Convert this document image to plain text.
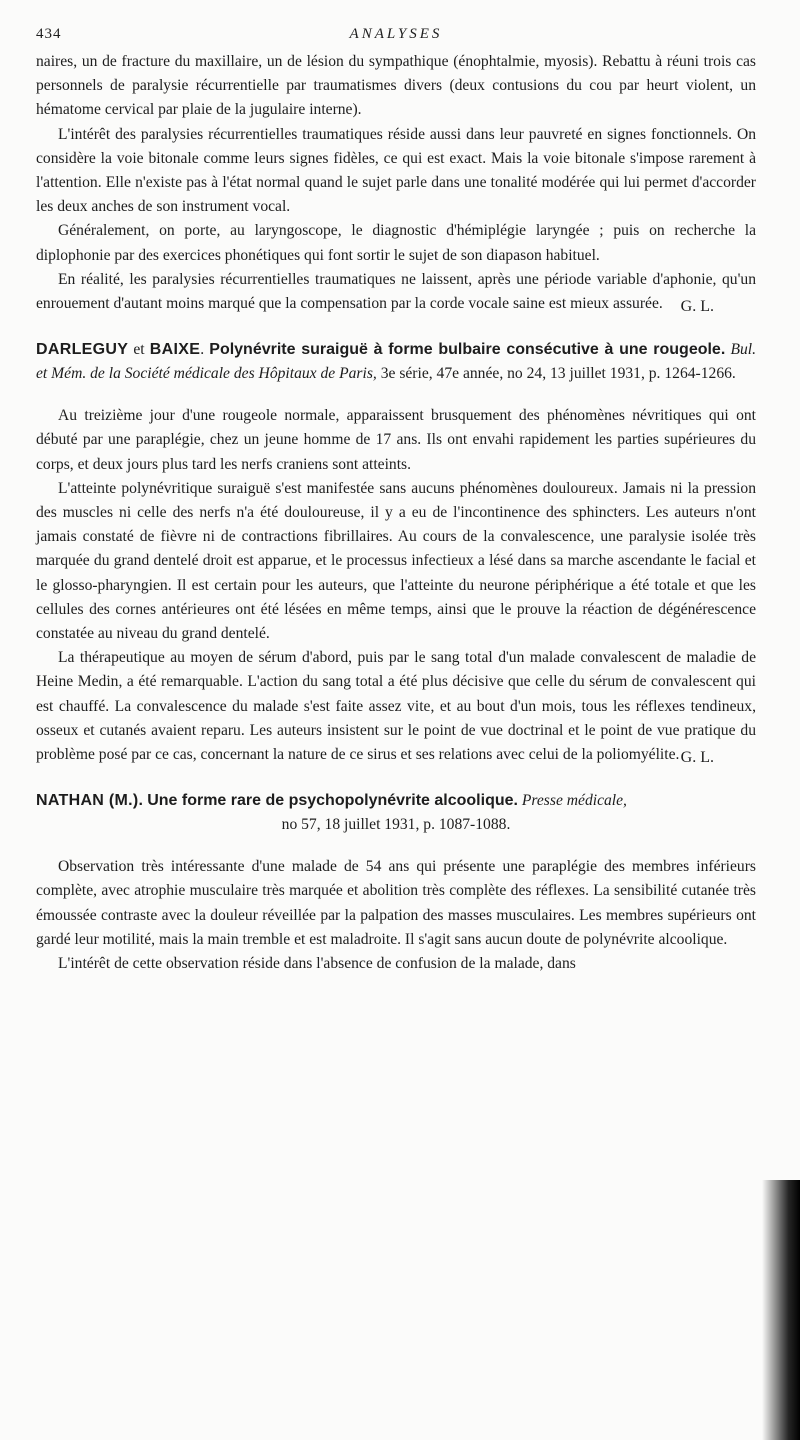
434	ANALYSES

naires, un de fracture du maxillaire, un de lésion du sympathique (énophtalmie, myosis). Rebattu à réuni trois cas personnels de paralysie récurrentielle par traumatismes divers (deux contusions du cou par heurt violent, un hématome cervical par plaie de la jugulaire interne).

L'intérêt des paralysies récurrentielles traumatiques réside aussi dans leur pauvreté en signes fonctionnels. On considère la voie bitonale comme leurs signes fidèles, ce qui est exact. Mais la voie bitonale s'impose rarement à l'attention. Elle n'existe pas à l'état normal quand le sujet parle dans une tonalité modérée qui lui permet d'accorder les deux anches de son instrument vocal.

Généralement, on porte, au laryngoscope, le diagnostic d'hémiplégie laryngée ; puis on recherche la diplophonie par des exercices phonétiques qui font sortir le sujet de son diapason habituel.

En réalité, les paralysies récurrentielles traumatiques ne laissent, après une période variable d'aphonie, qu'un enrouement d'autant moins marqué que la compensation par la corde vocale saine est mieux assurée.	G. L.
DARLEGUY et BAIXE. Polynévrite suraiguë à forme bulbaire consécutive à une rougeole. Bul. et Mém. de la Société médicale des Hôpitaux de Paris, 3e série, 47e année, no 24, 13 juillet 1931, p. 1264-1266.

Au treizième jour d'une rougeole normale, apparaissent brusquement des phénomènes névritiques qui ont débuté par une paraplégie, chez un jeune homme de 17 ans. Ils ont envahi rapidement les parties supérieures du corps, et deux jours plus tard les nerfs craniens sont atteints.

L'atteinte polynévritique suraiguë s'est manifestée sans aucuns phénomènes douloureux. Jamais ni la pression des muscles ni celle des nerfs n'a été douloureuse, il y a eu de l'incontinence des sphincters. Les auteurs n'ont jamais constaté de fièvre ni de contractions fibrillaires. Au cours de la convalescence, une paralysie isolée très marquée du grand dentelé droit est apparue, et le processus infectieux a lésé dans sa marche ascendante le facial et le glosso-pharyngien. Il est certain pour les auteurs, que l'atteinte du neurone périphérique a été totale et que les cellules des cornes antérieures ont été lésées en même temps, ainsi que le prouve la réaction de dégénérescence constatée au niveau du grand dentelé.

La thérapeutique au moyen de sérum d'abord, puis par le sang total d'un malade convalescent de maladie de Heine Medin, a été remarquable. L'action du sang total a été plus décisive que celle du sérum de convalescent qui est chauffé. La convalescence du malade s'est faite assez vite, et au bout d'un mois, tous les réflexes tendineux, osseux et cutanés avaient reparu. Les auteurs insistent sur le point de vue doctrinal et le point de vue pratique du problème posé par ce cas, concernant la nature de ce sirus et ses relations avec celui de la poliomyélite. G. L.
NATHAN (M.). Une forme rare de psychopolynévrite alcoolique. Presse médicale,
no 57, 18 juillet 1931, p. 1087-1088.

Observation très intéressante d'une malade de 54 ans qui présente une paraplégie des membres inférieurs complète, avec atrophie musculaire très marquée et abolition très complète des réflexes. La sensibilité cutanée très émoussée contraste avec la douleur réveillée par la palpation des masses musculaires. Les membres supérieurs ont gardé leur motilité, mais la main tremble et est maladroite. Il s'agit sans aucun doute de polynévrite alcoolique.

L'intérêt de cette observation réside dans l'absence de confusion de la malade, dans
